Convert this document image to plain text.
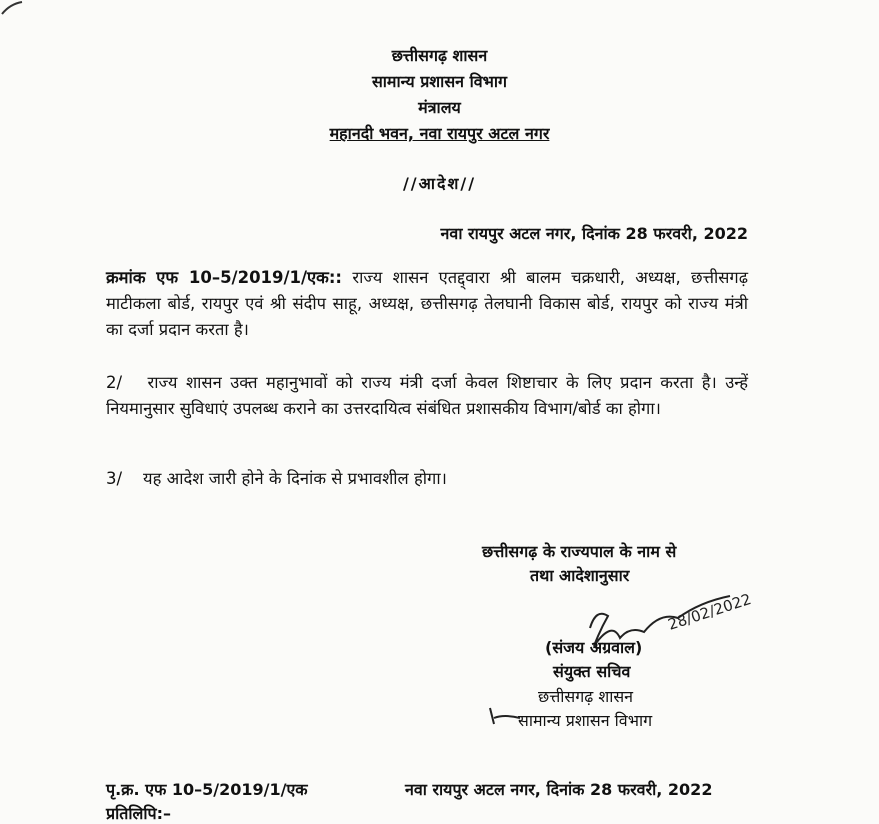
छत्तीसगढ़ शासन
सामान्य प्रशासन विभाग
मंत्रालय
महानदी भवन, नवा रायपुर अटल नगर
//आदेश//
नवा रायपुर अटल नगर, दिनांक 28 फरवरी, 2022
क्रमांक एफ 10–5/2019/1/एक:: राज्य शासन एतद्द्वारा श्री बालम चक्रधारी, अध्यक्ष, छत्तीसगढ़ माटीकला बोर्ड, रायपुर एवं श्री संदीप साहू, अध्यक्ष, छत्तीसगढ़ तेलघानी विकास बोर्ड, रायपुर को राज्य मंत्री का दर्जा प्रदान करता है।
2/ राज्य शासन उक्त महानुभावों को राज्य मंत्री दर्जा केवल शिष्टाचार के लिए प्रदान करता है। उन्हें नियमानुसार सुविधाएं उपलब्ध कराने का उत्तरदायित्व संबंधित प्रशासकीय विभाग/बोर्ड का होगा।
3/ यह आदेश जारी होने के दिनांक से प्रभावशील होगा।
छत्तीसगढ़ के राज्यपाल के नाम से
तथा आदेशानुसार
28/02/2022
(संजय अग्रवाल)
संयुक्त सचिव
छत्तीसगढ़ शासन
सामान्य प्रशासन विभाग
पृ.क्र. एफ 10–5/2019/1/एक	नवा रायपुर अटल नगर, दिनांक 28 फरवरी, 2022
प्रतिलिपि:–
